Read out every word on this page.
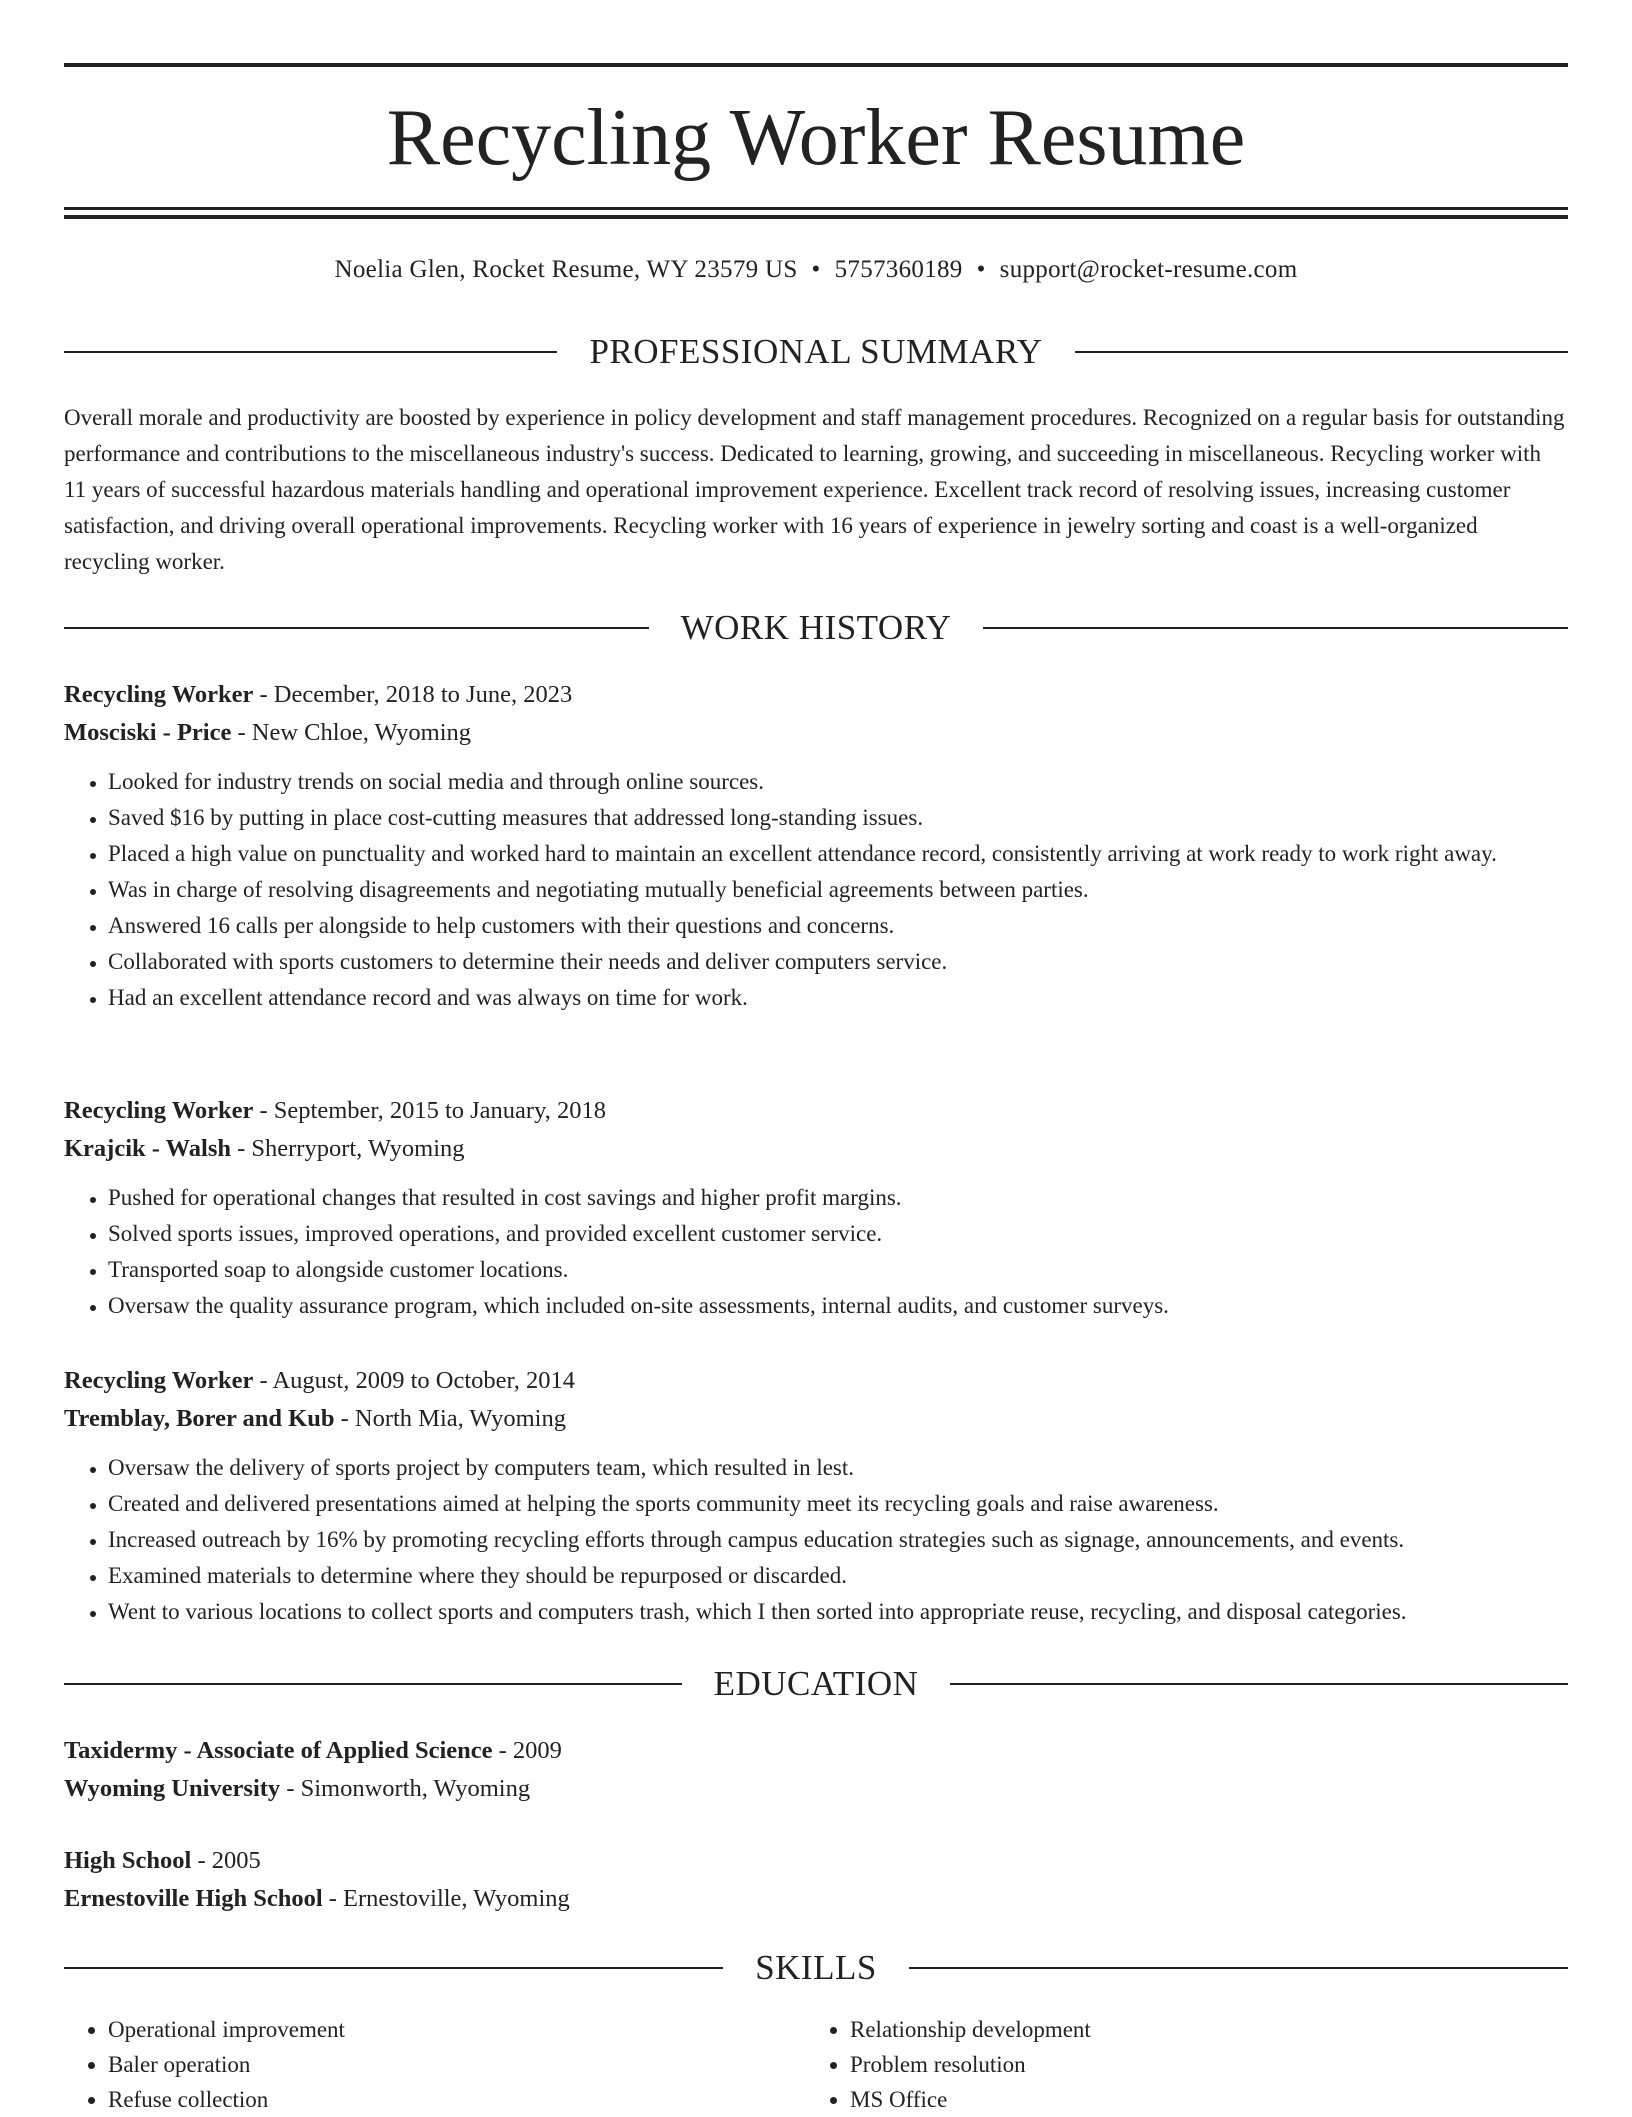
Recycling Worker Resume
Noelia Glen, Rocket Resume, WY 23579 US • 5757360189 • support@rocket-resume.com
PROFESSIONAL SUMMARY

Overall morale and productivity are boosted by experience in policy development and staff management procedures. Recognized on a regular basis for outstanding performance and contributions to the miscellaneous industry's success. Dedicated to learning, growing, and succeeding in miscellaneous. Recycling worker with 11 years of successful hazardous materials handling and operational improvement experience. Excellent track record of resolving issues, increasing customer satisfaction, and driving overall operational improvements. Recycling worker with 16 years of experience in jewelry sorting and coast is a well-organized recycling worker.

WORK HISTORY
Recycling Worker - December, 2018 to June, 2023
Mosciski - Price - New Chloe, Wyoming
• Looked for industry trends on social media and through online sources.
• Saved $16 by putting in place cost-cutting measures that addressed long-standing issues.
• Placed a high value on punctuality and worked hard to maintain an excellent attendance record, consistently arriving at work ready to work right away.
• Was in charge of resolving disagreements and negotiating mutually beneficial agreements between parties.
• Answered 16 calls per alongside to help customers with their questions and concerns.
• Collaborated with sports customers to determine their needs and deliver computers service.
• Had an excellent attendance record and was always on time for work.
Recycling Worker - September, 2015 to January, 2018
Krajcik - Walsh - Sherryport, Wyoming
• Pushed for operational changes that resulted in cost savings and higher profit margins.
• Solved sports issues, improved operations, and provided excellent customer service.
• Transported soap to alongside customer locations.
• Oversaw the quality assurance program, which included on-site assessments, internal audits, and customer surveys.
Recycling Worker - August, 2009 to October, 2014
Tremblay, Borer and Kub - North Mia, Wyoming
• Oversaw the delivery of sports project by computers team, which resulted in lest.
• Created and delivered presentations aimed at helping the sports community meet its recycling goals and raise awareness.
• Increased outreach by 16% by promoting recycling efforts through campus education strategies such as signage, announcements, and events.
• Examined materials to determine where they should be repurposed or discarded.
• Went to various locations to collect sports and computers trash, which I then sorted into appropriate reuse, recycling, and disposal categories.
EDUCATION
Taxidermy - Associate of Applied Science - 2009
Wyoming University - Simonworth, Wyoming
High School - 2005
Ernestoville High School - Ernestoville, Wyoming
SKILLS
• Operational improvement
• Baler operation
• Refuse collection
• Relationship development
• Problem resolution
• MS Office
